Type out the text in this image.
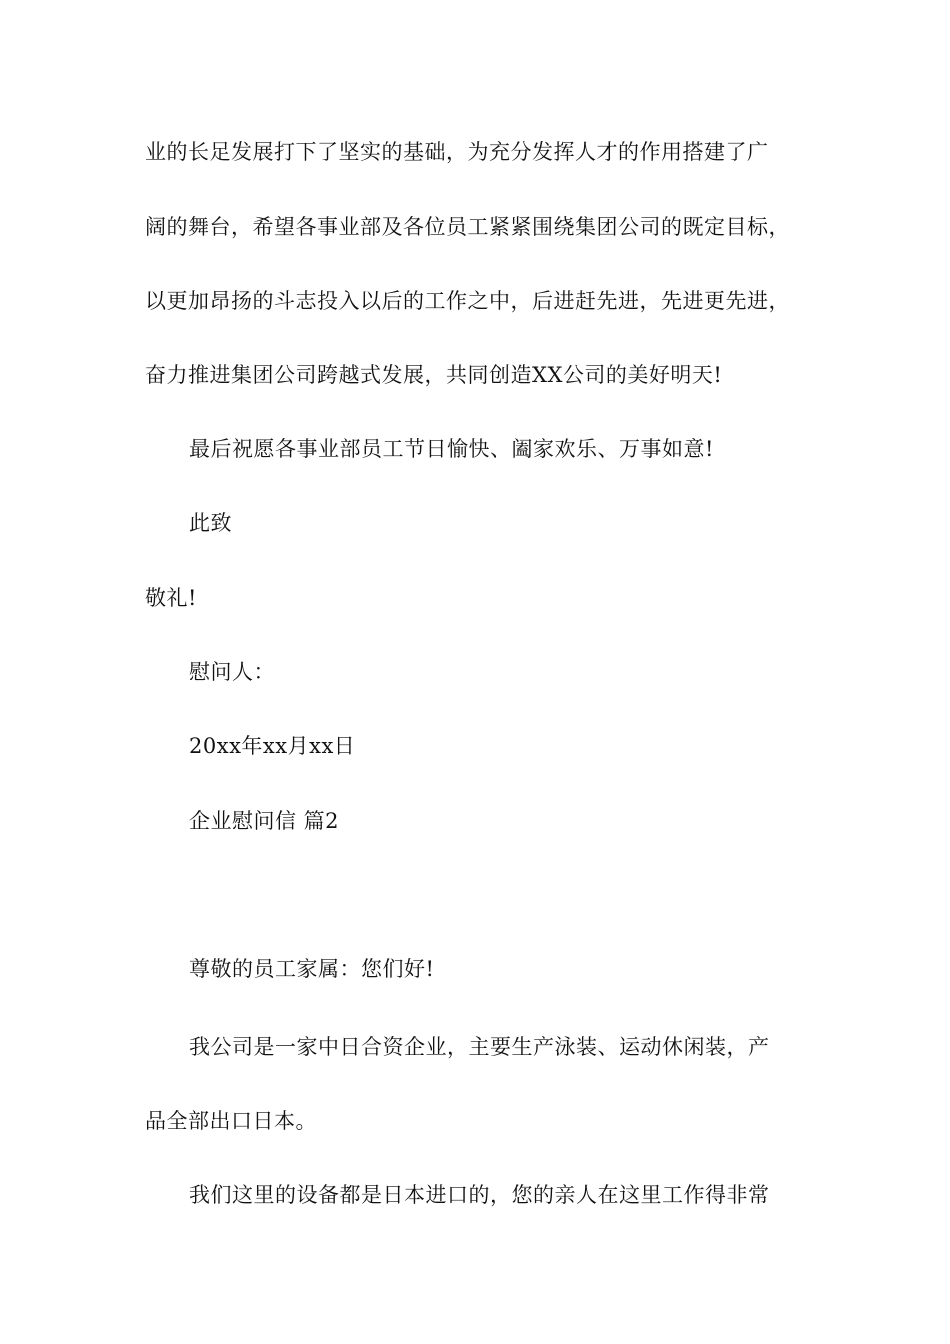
业的长足发展打下了坚实的基础，为充分发挥人才的作用搭建了广
阔的舞台，希望各事业部及各位员工紧紧围绕集团公司的既定目标，
以更加昂扬的斗志投入以后的工作之中，后进赶先进，先进更先进，
奋力推进集团公司跨越式发展，共同创造XX公司的美好明天!
最后祝愿各事业部员工节日愉快、阖家欢乐、万事如意!
此致
敬礼!
慰问人：
20xx年xx月xx日
企业慰问信 篇2
尊敬的员工家属：您们好!
我公司是一家中日合资企业，主要生产泳装、运动休闲装，产
品全部出口日本。
我们这里的设备都是日本进口的，您的亲人在这里工作得非常
